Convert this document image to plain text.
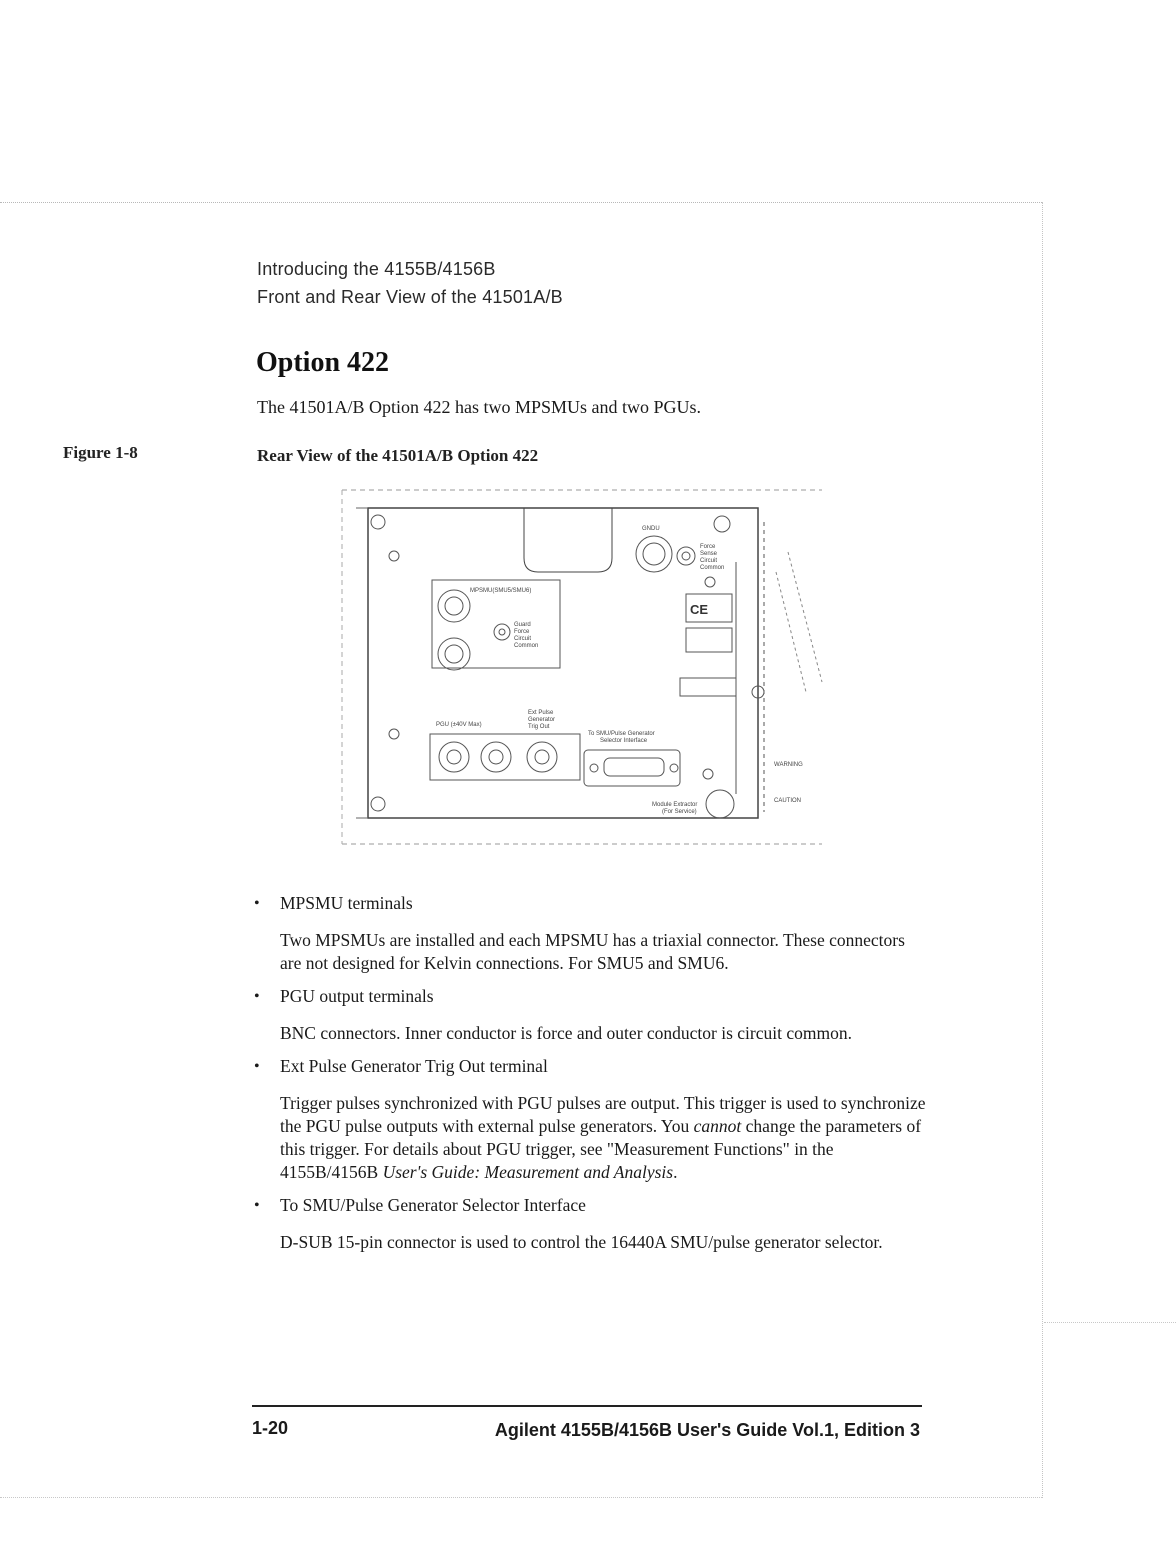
Introducing the 4155B/4156B
Front and Rear View of the 41501A/B
Option 422

The 41501A/B Option 422 has two MPSMUs and two PGUs.

Figure 1-8	Rear View of the 41501A/B Option 422
GNDU
Force
Sense
Circuit
Common
MPSMU(SMU5/SMU6)
Guard
Force
Circuit
Common
PGU (±40V Max)
Ext Pulse
Generator
Trig Out
To SMU/Pulse Generator
Selector Interface
Module Extractor
(For Service)
WARNING
CAUTION
CE
• MPSMU terminals

Two MPSMUs are installed and each MPSMU has a triaxial connector. These connectors are not designed for Kelvin connections. For SMU5 and SMU6.

• PGU output terminals

BNC connectors. Inner conductor is force and outer conductor is circuit common.

• Ext Pulse Generator Trig Out terminal

Trigger pulses synchronized with PGU pulses are output. This trigger is used to synchronize the PGU pulse outputs with external pulse generators. You cannot change the parameters of this trigger. For details about PGU trigger, see "Measurement Functions" in the 4155B/4156B User's Guide: Measurement and Analysis.

• To SMU/Pulse Generator Selector Interface

D-SUB 15-pin connector is used to control the 16440A SMU/pulse generator selector.

1-20	Agilent 4155B/4156B User's Guide Vol.1, Edition 3
